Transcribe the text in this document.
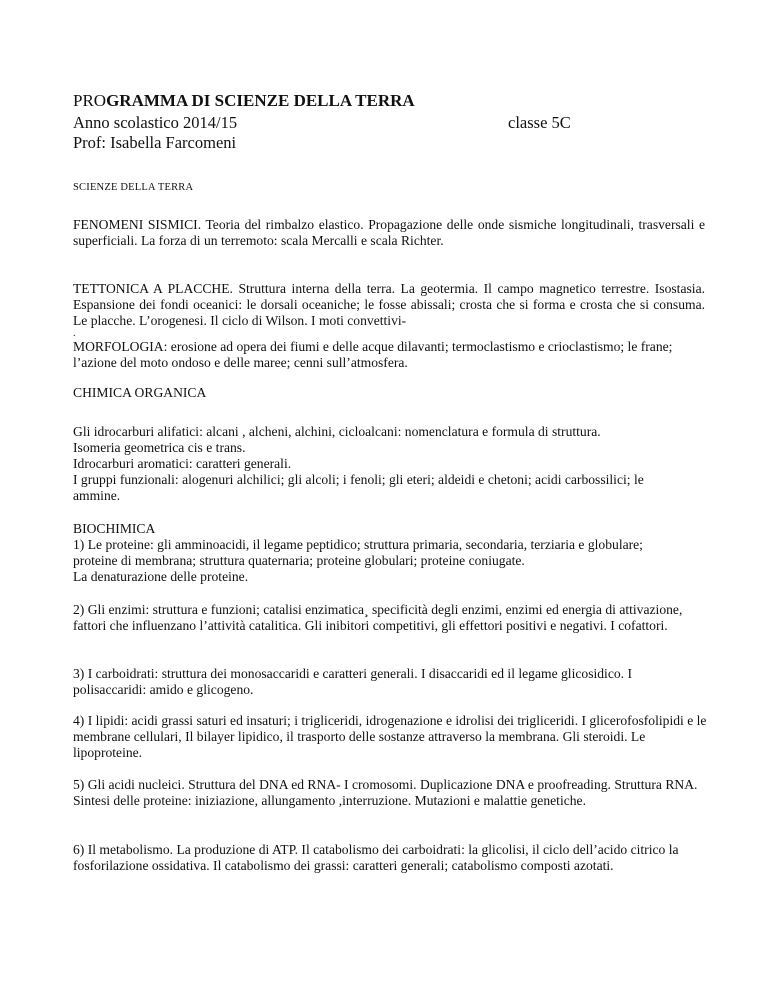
PROGRAMMA DI SCIENZE DELLA TERRA
Anno scolastico 2014/15	classe 5C
Prof: Isabella Farcomeni
SCIENZE DELLA TERRA
FENOMENI SISMICI. Teoria del rimbalzo elastico. Propagazione delle onde sismiche longitudinali, trasversali e superficiali. La forza di un terremoto: scala Mercalli e scala Richter.
TETTONICA A PLACCHE. Struttura interna della terra. La geotermia. Il campo magnetico terrestre. Isostasia. Espansione dei fondi oceanici: le dorsali oceaniche; le fosse abissali; crosta che si forma e crosta che si consuma. Le placche. L’orogenesi. Il ciclo di Wilson. I moti convettivi-
.
MORFOLOGIA: erosione ad opera dei fiumi e delle acque dilavanti; termoclastismo e crioclastismo; le frane; l’azione del moto ondoso e delle maree; cenni sull’atmosfera.
CHIMICA ORGANICA

Gli idrocarburi alifatici: alcani , alcheni, alchini, cicloalcani: nomenclatura e formula di struttura.

Isomeria geometrica cis e trans.

Idrocarburi aromatici: caratteri generali.

I gruppi funzionali: alogenuri alchilici; gli alcoli; i fenoli; gli eteri; aldeidi e chetoni; acidi carbossilici; le ammine.

BIOCHIMICA

1) Le proteine: gli amminoacidi, il legame peptidico; struttura primaria, secondaria, terziaria e globulare; proteine di membrana; struttura quaternaria; proteine globulari; proteine coniugate.

La denaturazione delle proteine.

2) Gli enzimi: struttura e funzioni; catalisi enzimatica¸ specificità degli enzimi, enzimi ed energia di attivazione, fattori che influenzano l’attività catalitica. Gli inibitori competitivi, gli effettori positivi e negativi. I cofattori.
3) I carboidrati: struttura dei monosaccaridi e caratteri generali. I disaccaridi ed il legame glicosidico. I polisaccaridi: amido e glicogeno.
4) I lipidi: acidi grassi saturi ed insaturi; i trigliceridi, idrogenazione e idrolisi dei trigliceridi. I glicerofosfolipidi e le membrane cellulari, Il bilayer lipidico, il trasporto delle sostanze attraverso la membrana. Gli steroidi. Le lipoproteine.
5) Gli acidi nucleici. Struttura del DNA ed RNA- I cromosomi. Duplicazione DNA e proofreading. Struttura RNA. Sintesi delle proteine: iniziazione, allungamento ,interruzione. Mutazioni e malattie genetiche.
6) Il metabolismo. La produzione di ATP. Il catabolismo dei carboidrati: la glicolisi, il ciclo dell’acido citrico la fosforilazione ossidativa. Il catabolismo dei grassi: caratteri generali; catabolismo composti azotati.
